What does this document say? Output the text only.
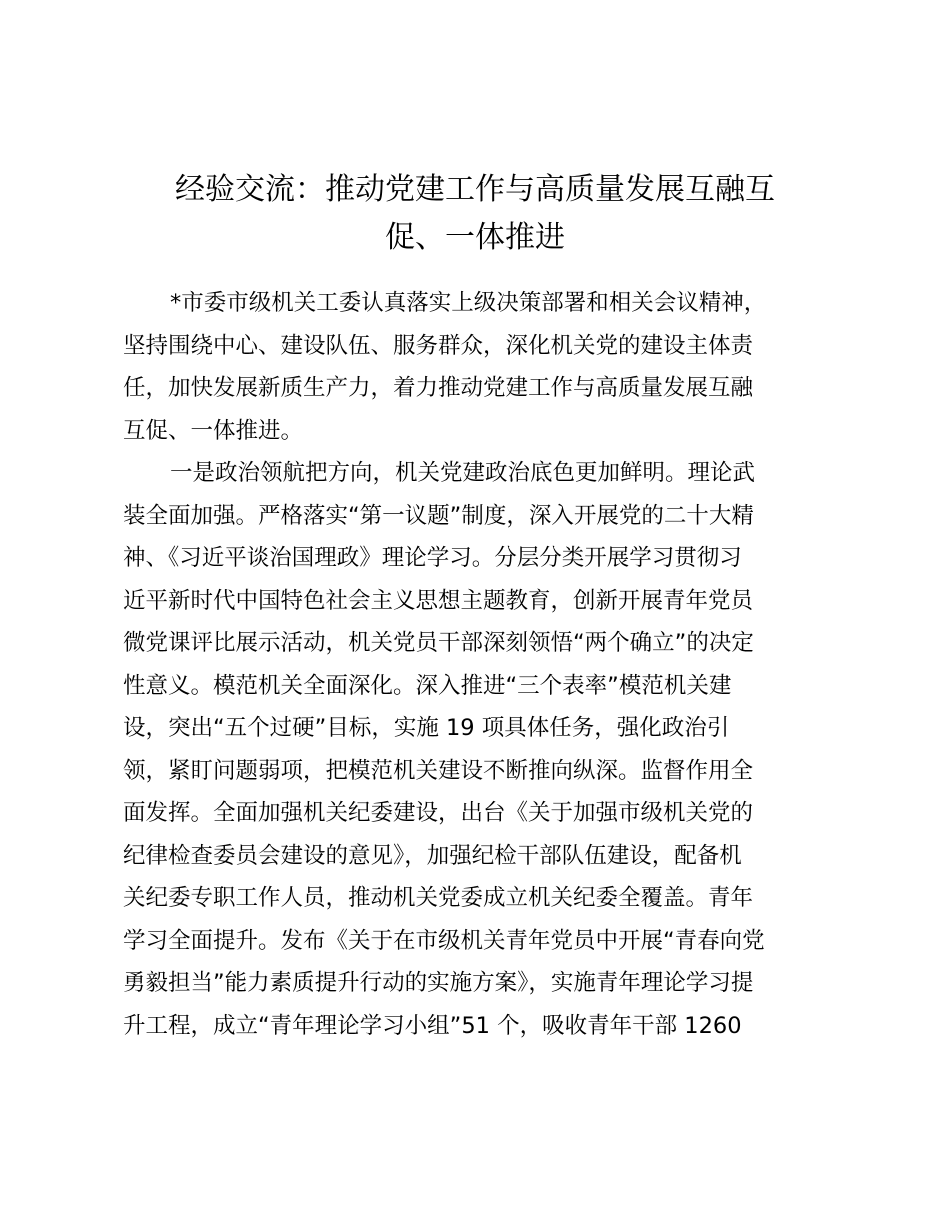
经验交流：推动党建工作与高质量发展互融互
促、一体推进
*市委市级机关工委认真落实上级决策部署和相关会议精神，
坚持围绕中心、建设队伍、服务群众，深化机关党的建设主体责
任，加快发展新质生产力，着力推动党建工作与高质量发展互融
互促、一体推进。
一是政治领航把方向，机关党建政治底色更加鲜明。理论武
装全面加强。严格落实“第一议题”制度，深入开展党的二十大精
神、《习近平谈治国理政》理论学习。分层分类开展学习贯彻习
近平新时代中国特色社会主义思想主题教育，创新开展青年党员
微党课评比展示活动，机关党员干部深刻领悟“两个确立”的决定
性意义。模范机关全面深化。深入推进“三个表率”模范机关建
设，突出“五个过硬”目标，实施 19 项具体任务，强化政治引
领，紧盯问题弱项，把模范机关建设不断推向纵深。监督作用全
面发挥。全面加强机关纪委建设，出台《关于加强市级机关党的
纪律检查委员会建设的意见》，加强纪检干部队伍建设，配备机
关纪委专职工作人员，推动机关党委成立机关纪委全覆盖。青年
学习全面提升。发布《关于在市级机关青年党员中开展“青春向党
勇毅担当”能力素质提升行动的实施方案》，实施青年理论学习提
升工程，成立“青年理论学习小组”51 个，吸收青年干部 1260
